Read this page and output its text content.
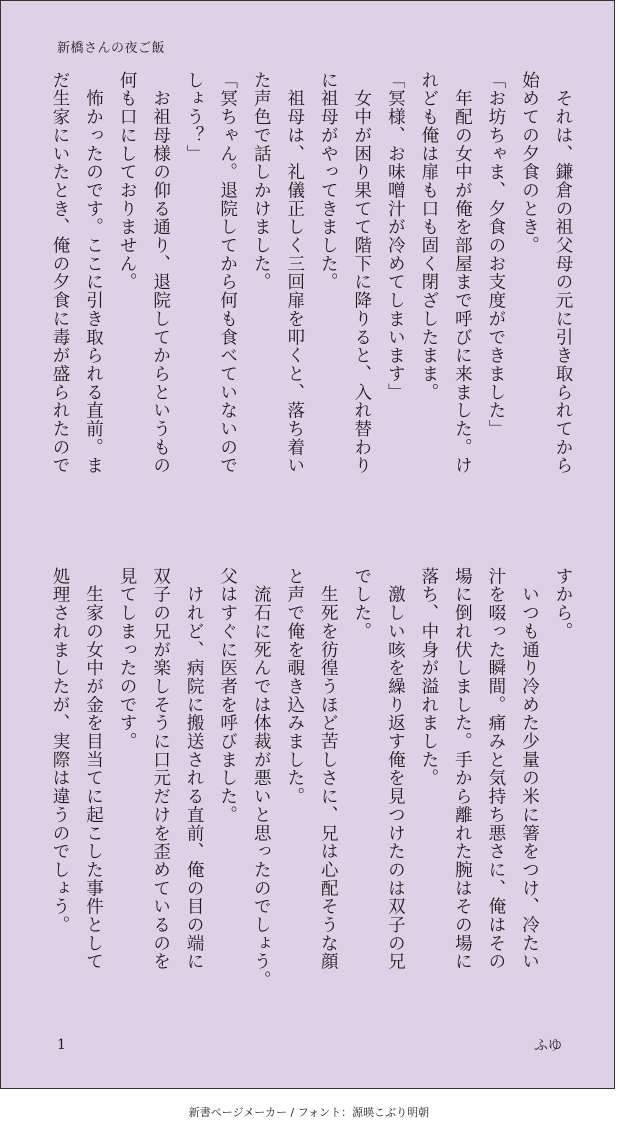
新橋さんの夜ご飯
　それは、鎌倉の祖父母の元に引き取られてから
始めての夕食のとき。
「お坊ちゃま、夕食のお支度ができました」
　年配の女中が俺を部屋まで呼びに来ました。け
れども俺は扉も口も固く閉ざしたまま。
「冥様、お味噌汁が冷めてしまいます」
　女中が困り果てて階下に降りると、入れ替わり
に祖母がやってきました。
　祖母は、礼儀正しく三回扉を叩くと、落ち着い
た声色で話しかけました。
「冥ちゃん。退院してから何も食べていないので
しょう？」
　お祖母様の仰る通り、退院してからというもの
何も口にしておりません。
　怖かったのです。ここに引き取られる直前。ま
だ生家にいたとき、俺の夕食に毒が盛られたので
すから。
　いつも通り冷めた少量の米に箸をつけ、冷たい
汁を啜った瞬間。痛みと気持ち悪さに、俺はその
場に倒れ伏しました。手から離れた腕はその場に
落ち、中身が溢れました。
　激しい咳を繰り返す俺を見つけたのは双子の兄
でした。
　生死を彷徨うほど苦しさに、兄は心配そうな顔
と声で俺を覗き込みました。
　流石に死んでは体裁が悪いと思ったのでしょう。
父はすぐに医者を呼びました。
　けれど、病院に搬送される直前、俺の目の端に
双子の兄が楽しそうに口元だけを歪めているのを
見てしまったのです。
　生家の女中が金を目当てに起こした事件として
処理されましたが、実際は違うのでしょう。
1	ふゆ
新書ページメーカー / フォント：源暎こぶり明朝
